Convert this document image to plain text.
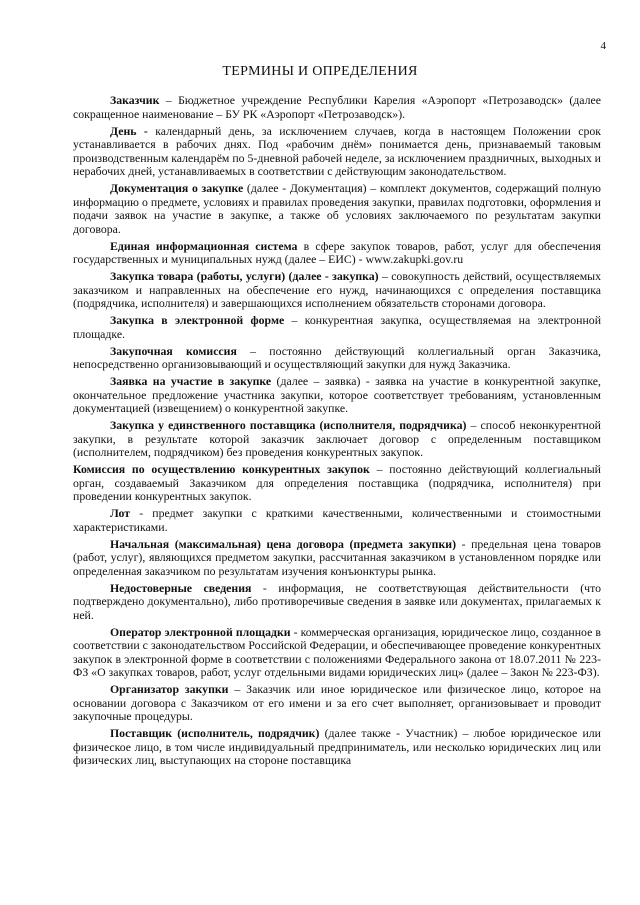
4
ТЕРМИНЫ И ОПРЕДЕЛЕНИЯ

Заказчик – Бюджетное учреждение Республики Карелия «Аэропорт «Петрозаводск» (далее сокращенное наименование – БУ РК «Аэропорт «Петрозаводск»).

День - календарный день, за исключением случаев, когда в настоящем Положении срок устанавливается в рабочих днях. Под «рабочим днём» понимается день, признаваемый таковым производственным календарём по 5-дневной рабочей неделе, за исключением праздничных, выходных и нерабочих дней, устанавливаемых в соответствии с действующим законодательством.

Документация о закупке (далее - Документация) – комплект документов, содержащий полную информацию о предмете, условиях и правилах проведения закупки, правилах подготовки, оформления и подачи заявок на участие в закупке, а также об условиях заключаемого по результатам закупки договора.

Единая информационная система в сфере закупок товаров, работ, услуг для обеспечения государственных и муниципальных нужд (далее – ЕИС) - www.zakupki.gov.ru

Закупка товара (работы, услуги) (далее - закупка) – совокупность действий, осуществляемых заказчиком и направленных на обеспечение его нужд, начинающихся с определения поставщика (подрядчика, исполнителя) и завершающихся исполнением обязательств сторонами договора.

Закупка в электронной форме – конкурентная закупка, осуществляемая на электронной площадке.

Закупочная комиссия – постоянно действующий коллегиальный орган Заказчика, непосредственно организовывающий и осуществляющий закупки для нужд Заказчика.

Заявка на участие в закупке (далее – заявка) - заявка на участие в конкурентной закупке, окончательное предложение участника закупки, которое соответствует требованиям, установленным документацией (извещением) о конкурентной закупке.

Закупка у единственного поставщика (исполнителя, подрядчика) – способ неконкурентной закупки, в результате которой заказчик заключает договор с определенным поставщиком (исполнителем, подрядчиком) без проведения конкурентных закупок.

Комиссия по осуществлению конкурентных закупок – постоянно действующий коллегиальный орган, создаваемый Заказчиком для определения поставщика (подрядчика, исполнителя) при проведении конкурентных закупок.

Лот - предмет закупки с краткими качественными, количественными и стоимостными характеристиками.

Начальная (максимальная) цена договора (предмета закупки) - предельная цена товаров (работ, услуг), являющихся предметом закупки, рассчитанная заказчиком в установленном порядке или определенная заказчиком по результатам изучения конъюнктуры рынка.

Недостоверные сведения - информация, не соответствующая действительности (что подтверждено документально), либо противоречивые сведения в заявке или документах, прилагаемых к ней.

Оператор электронной площадки - коммерческая организация, юридическое лицо, созданное в соответствии с законодательством Российской Федерации, и обеспечивающее проведение конкурентных закупок в электронной форме в соответствии с положениями Федерального закона от 18.07.2011 № 223-ФЗ «О закупках товаров, работ, услуг отдельными видами юридических лиц» (далее – Закон № 223-ФЗ).

Организатор закупки – Заказчик или иное юридическое или физическое лицо, которое на основании договора с Заказчиком от его имени и за его счет выполняет, организовывает и проводит закупочные процедуры.

Поставщик (исполнитель, подрядчик) (далее также - Участник) – любое юридическое или физическое лицо, в том числе индивидуальный предприниматель, или несколько юридических лиц или физических лиц, выступающих на стороне поставщика
